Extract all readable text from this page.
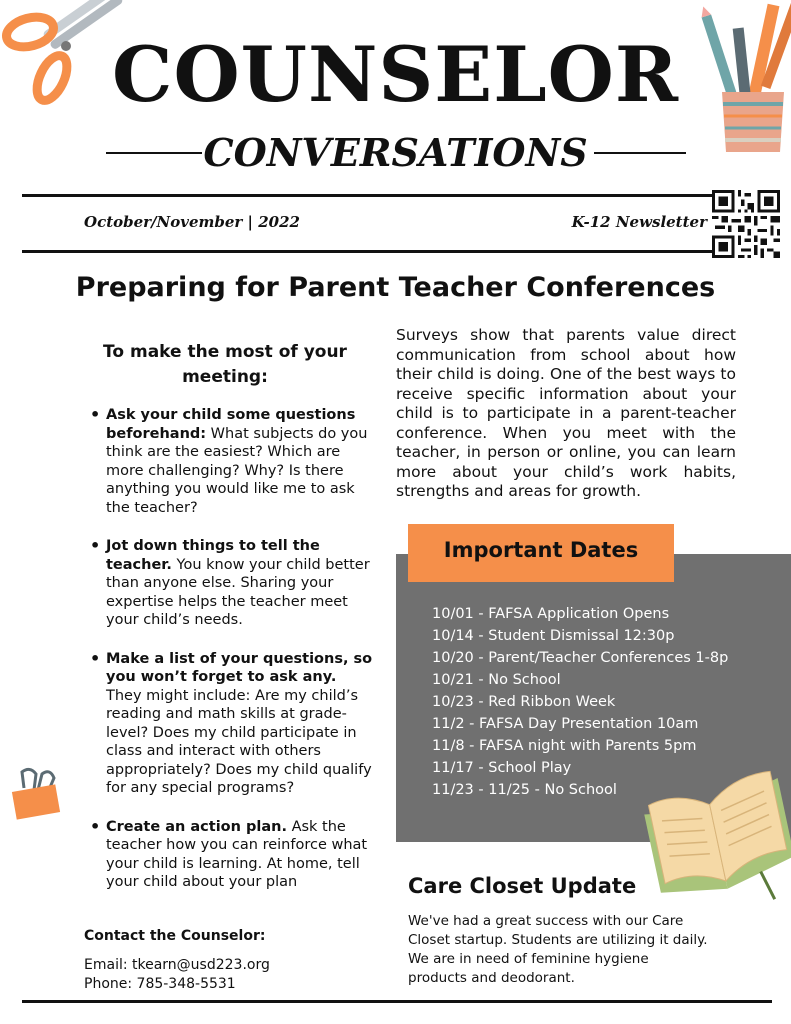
COUNSELOR
CONVERSATIONS
October/November | 2022	K-12 Newsletter
Preparing for Parent Teacher Conferences
To make the most of your meeting:
• Ask your child some questions beforehand: What subjects do you think are the easiest? Which are more challenging? Why? Is there anything you would like me to ask the teacher?
• Jot down things to tell the teacher. You know your child better than anyone else. Sharing your expertise helps the teacher meet your child’s needs.
• Make a list of your questions, so you won’t forget to ask any. They might include: Are my child’s reading and math skills at grade-level? Does my child participate in class and interact with others appropriately? Does my child qualify for any special programs?
• Create an action plan. Ask the teacher how you can reinforce what your child is learning. At home, tell your child about your plan
Contact the Counselor:
Email: tkearn@usd223.org
Phone: 785-348-5531
Surveys show that parents value direct communication from school about how their child is doing. One of the best ways to receive specific information about your child is to participate in a parent-teacher conference. When you meet with the teacher, in person or online, you can learn more about your child’s work habits, strengths and areas for growth.
Important Dates
10/01 - FAFSA Application Opens
10/14 - Student Dismissal 12:30p
10/20 - Parent/Teacher Conferences 1-8p
10/21 - No School
10/23 - Red Ribbon Week
11/2 - FAFSA Day Presentation 10am
11/8 - FAFSA night with Parents 5pm
11/17 - School Play
11/23 - 11/25 - No School
Care Closet Update
We've had a great success with our Care Closet startup. Students are utilizing it daily. We are in need of feminine hygiene products and deodorant.
